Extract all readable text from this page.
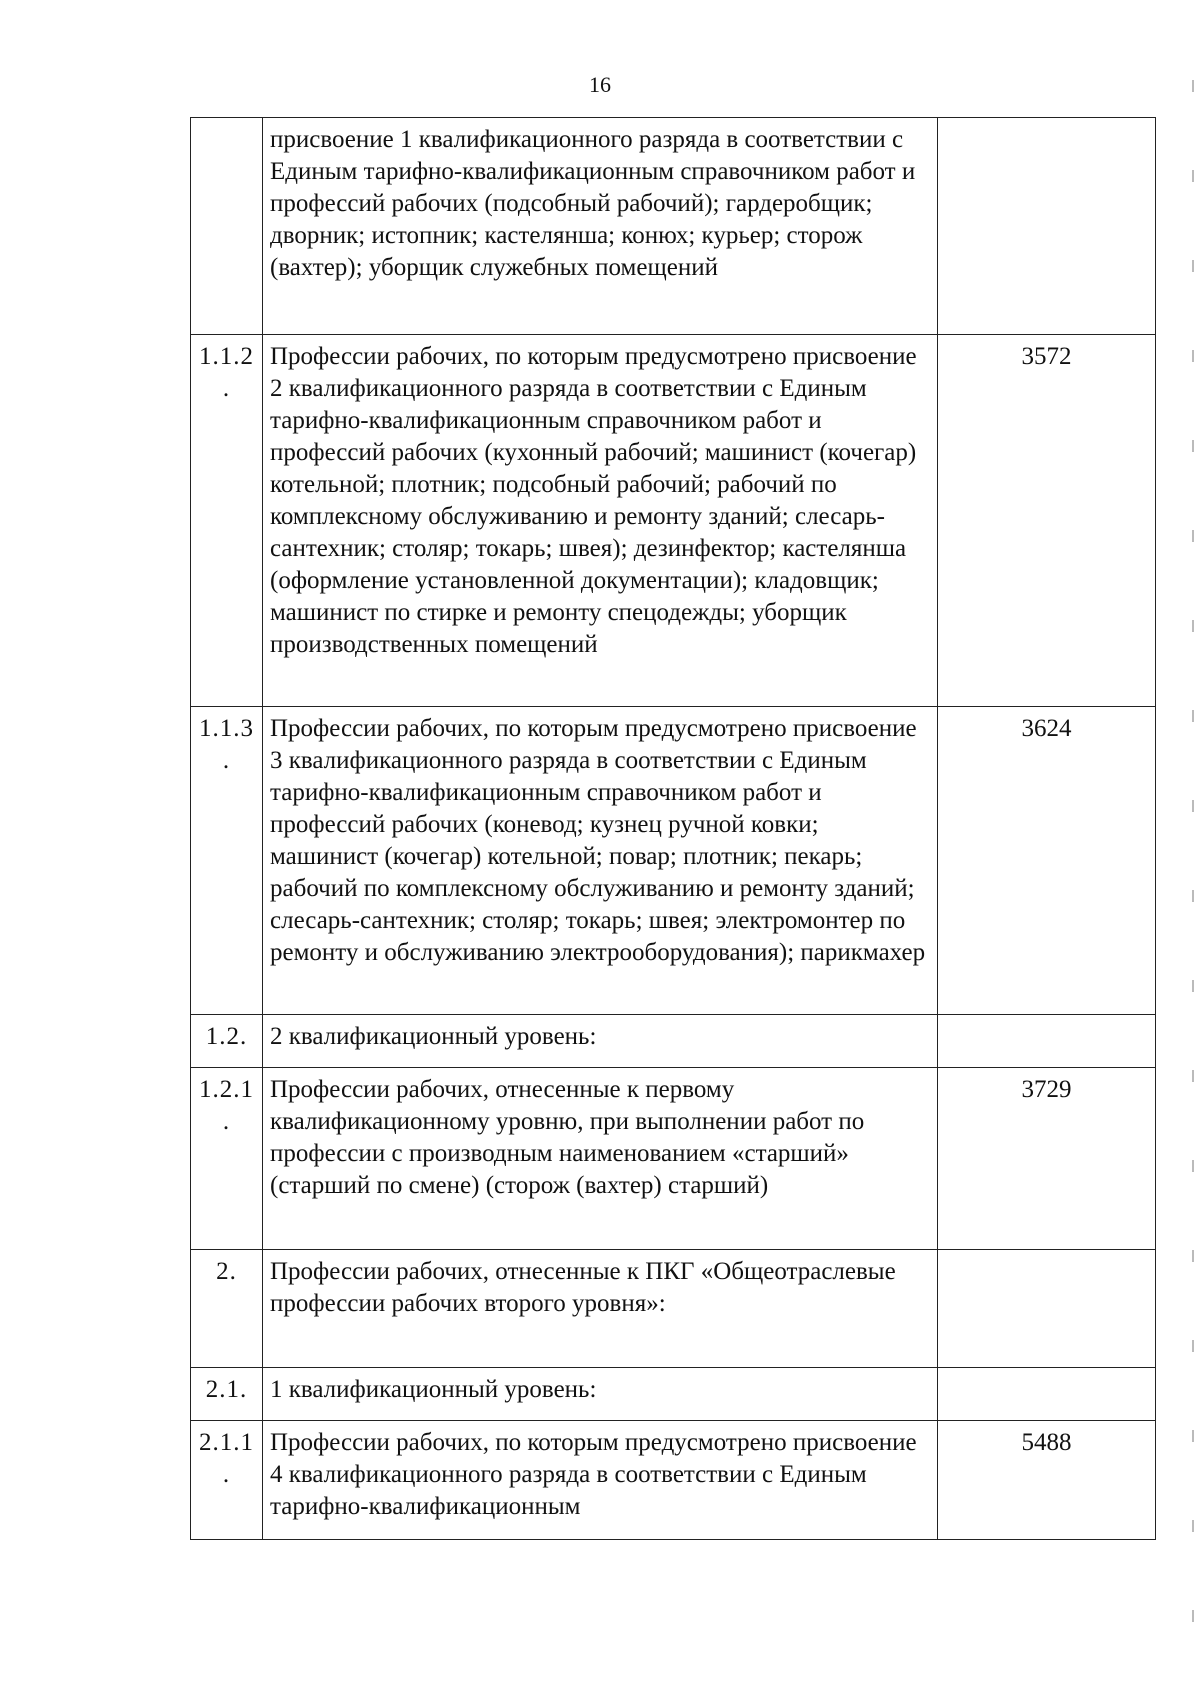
16
	присвоение 1 квалификационного разряда в соответствии с Единым тарифно-квалификационным справочником работ и профессий рабочих (подсобный рабочий); гардеробщик; дворник; истопник; кастелянша; конюх; курьер; сторож (вахтер); уборщик служебных помещений	
1.1.2
.	Профессии рабочих, по которым предусмотрено присвоение 2 квалификационного разряда в соответствии с Единым тарифно-квалификационным справочником работ и профессий рабочих (кухонный рабочий; машинист (кочегар) котельной; плотник; подсобный рабочий; рабочий по комплексному обслуживанию и ремонту зданий; слесарь-сантехник; столяр; токарь; швея); дезинфектор; кастелянша (оформление установленной документации); кладовщик; машинист по стирке и ремонту спецодежды; уборщик производственных помещений	3572
1.1.3
.	Профессии рабочих, по которым предусмотрено присвоение 3 квалификационного разряда в соответствии с Единым тарифно-квалификационным справочником работ и профессий рабочих (коневод; кузнец ручной ковки; машинист (кочегар) котельной; повар; плотник; пекарь; рабочий по комплексному обслуживанию и ремонту зданий; слесарь-сантехник; столяр; токарь; швея; электромонтер по ремонту и обслуживанию электрооборудования); парикмахер	3624
1.2.	2 квалификационный уровень:	
1.2.1
.	Профессии рабочих, отнесенные к первому квалификационному уровню, при выполнении работ по профессии с производным наименованием «старший» (старший по смене) (сторож (вахтер) старший)	3729
2.	Профессии рабочих, отнесенные к ПКГ «Общеотраслевые профессии рабочих второго уровня»:	
2.1.	1 квалификационный уровень:	
2.1.1
.	Профессии рабочих, по которым предусмотрено присвоение 4 квалификационного разряда в соответствии с Единым тарифно-квалификационным	5488
